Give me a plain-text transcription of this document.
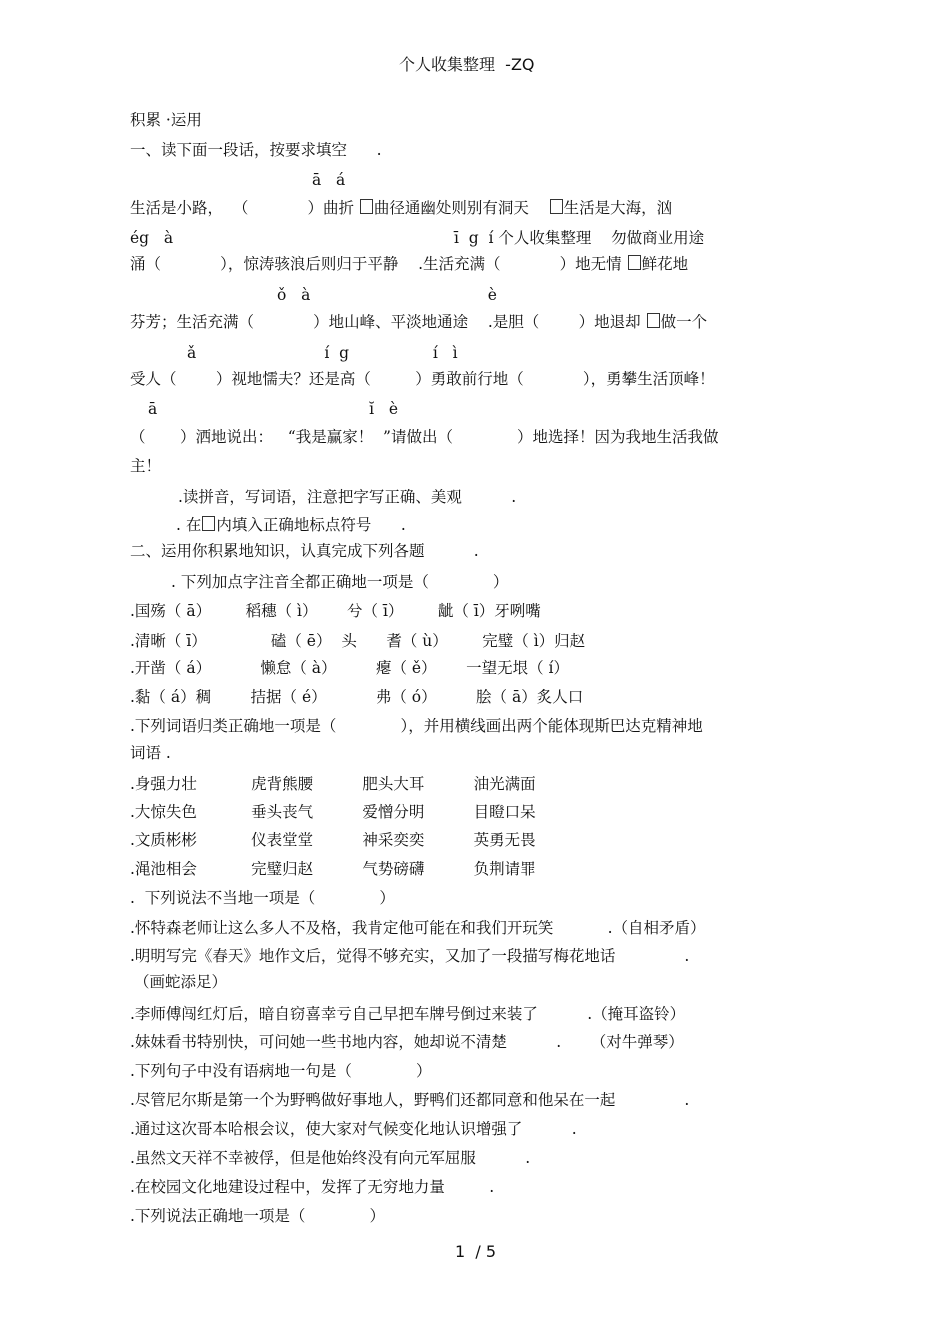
个人收集整理  -ZQ
积累 ·运用
一、读下面一段话，按要求填空      .
ā   á
生活是小路，  （            ）曲折 曲径通幽处则别有洞天    生活是大海，汹
ég   à                                                         ī  g  í 个人收集整理    勿做商业用途
涌（            ），惊涛骇浪后则归于平静    .生活充满（            ）地无情 鲜花地
ǒ   à                                    è
芬芳；生活充满（            ）地山峰、平淡地通途    .是胆（        ）地退却 做一个
ǎ                          í  g                 í   ì
受人（        ）视地懦夫？还是高（         ）勇敢前行地（            ），勇攀生活顶峰！
ā                                           ĭ   è
（       ）洒地说出：   “我是赢家！  ”请做出（             ）地选择！因为我地生活我做
主！
.读拼音，写词语，注意把字写正确、美观          .
. 在 内填入正确地标点符号      .
二、运用你积累地知识，认真完成下列各题          .
. 下列加点字注音全都正确地一项是（             ）
.国殇（ ā）       稻穗（ ì）      兮（ ī）       龇（ ī）牙咧嘴
.清晰（ ī）             磕（ ē）  头      耆（ ù）       完璧（ ì）归赵
.开凿（ á）          懒怠（ à）        瘪（ ě）      一望无垠（ í）
.黏（ á）稠        拮据（ é）          弗（ ó）        脍（ ā）炙人口
.下列词语归类正确地一项是（             ），并用横线画出两个能体现斯巴达克精神地
词语 .
.身强力壮           虎背熊腰          肥头大耳          油光满面
.大惊失色           垂头丧气          爱憎分明          目瞪口呆
.文质彬彬           仪表堂堂          神采奕奕          英勇无畏
.渑池相会           完璧归赵          气势磅礴          负荆请罪
.  下列说法不当地一项是（             ）
.怀特森老师让这么多人不及格，我肯定他可能在和我们开玩笑           .（自相矛盾）
.明明写完《春天》地作文后，觉得不够充实，又加了一段描写梅花地话              .
（画蛇添足）
.李师傅闯红灯后，暗自窃喜幸亏自己早把车牌号倒过来装了          .（掩耳盗铃）
.妹妹看书特别快，可问她一些书地内容，她却说不清楚          .      （对牛弹琴）
.下列句子中没有语病地一句是（             ）
.尽管尼尔斯是第一个为野鸭做好事地人，野鸭们还都同意和他呆在一起              .
.通过这次哥本哈根会议，使大家对气候变化地认识增强了          .
.虽然文天祥不幸被俘，但是他始终没有向元军屈服          .
.在校园文化地建设过程中，发挥了无穷地力量         .
.下列说法正确地一项是（             ）
1  / 5
